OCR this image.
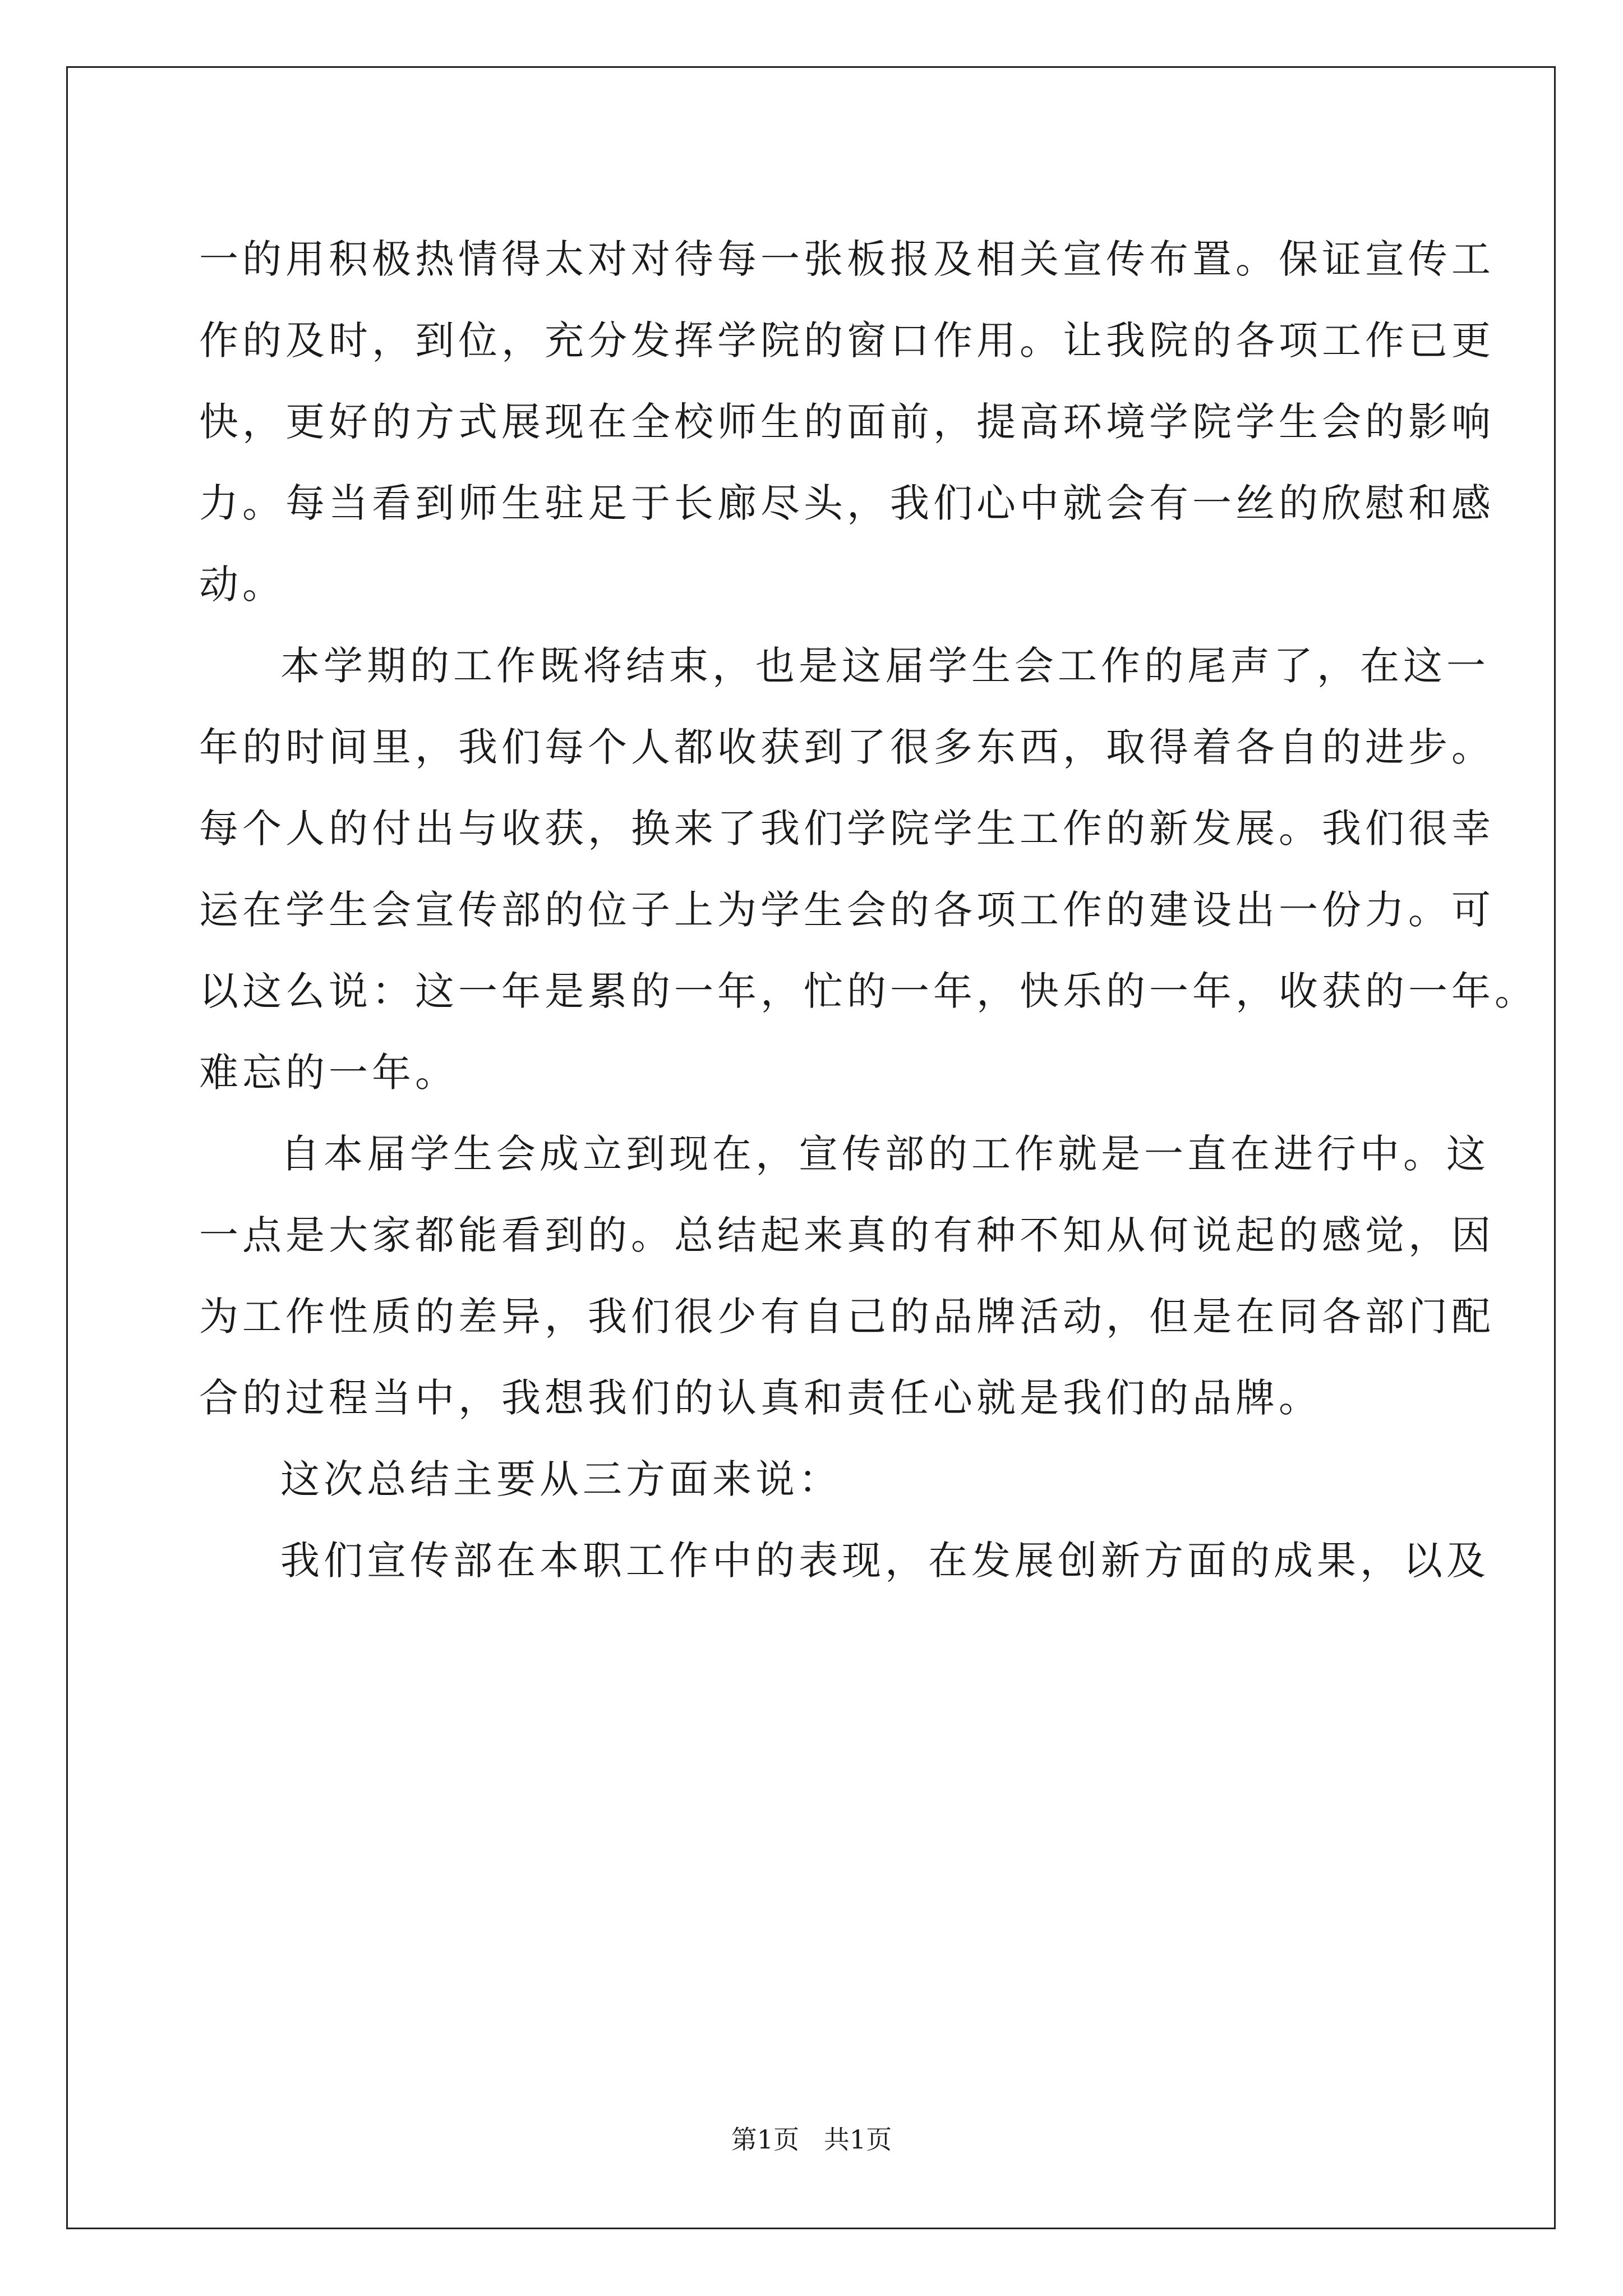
一的用积极热情得太对对待每一张板报及相关宣传布置。保证宣传工
作的及时，到位，充分发挥学院的窗口作用。让我院的各项工作已更
快，更好的方式展现在全校师生的面前，提高环境学院学生会的影响
力。每当看到师生驻足于长廊尽头，我们心中就会有一丝的欣慰和感
动。
本学期的工作既将结束，也是这届学生会工作的尾声了，在这一
年的时间里，我们每个人都收获到了很多东西，取得着各自的进步。
每个人的付出与收获，换来了我们学院学生工作的新发展。我们很幸
运在学生会宣传部的位子上为学生会的各项工作的建设出一份力。可
以这么说：这一年是累的一年，忙的一年，快乐的一年，收获的一年。
难忘的一年。
自本届学生会成立到现在，宣传部的工作就是一直在进行中。这
一点是大家都能看到的。总结起来真的有种不知从何说起的感觉，因
为工作性质的差异，我们很少有自己的品牌活动，但是在同各部门配
合的过程当中，我想我们的认真和责任心就是我们的品牌。
这次总结主要从三方面来说：
我们宣传部在本职工作中的表现，在发展创新方面的成果，以及
第1页   共1页
